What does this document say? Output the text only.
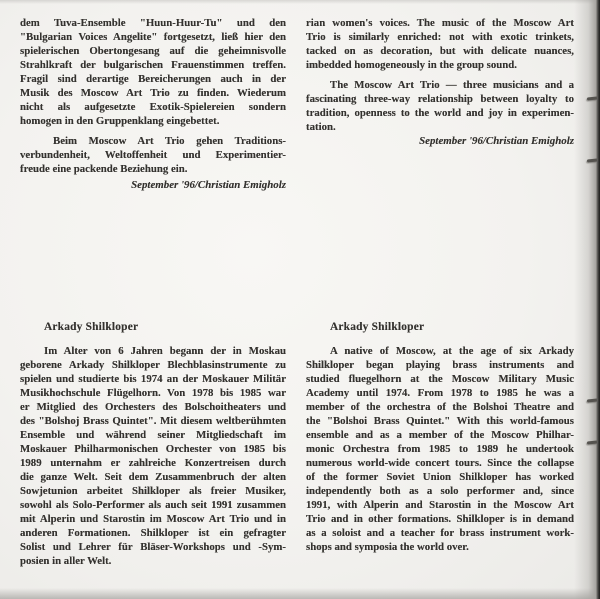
dem Tuva-Ensemble "Huun-Huur-Tu" und den
"Bulgarian Voices Angelite" fortgesetzt, ließ hier den
spielerischen Obertongesang auf die geheimnisvolle
Strahlkraft der bulgarischen Frauenstimmen treffen.
Fragil sind derartige Bereicherungen auch in der
Musik des Moscow Art Trio zu finden. Wiederum
nicht als aufgesetzte Exotik-Spielereien sondern
homogen in den Gruppenklang eingebettet.
Beim Moscow Art Trio gehen Traditions-
verbundenheit, Weltoffenheit und Experimentier-
freude eine packende Beziehung ein.
September '96/Christian Emigholz
Arkady Shilkloper
Im Alter von 6 Jahren begann der in Moskau
geborene Arkady Shilkloper Blechblasinstrumente zu
spielen und studierte bis 1974 an der Moskauer Militär
Musikhochschule Flügelhorn. Von 1978 bis 1985 war
er Mitglied des Orchesters des Bolschoitheaters und
des "Bolshoj Brass Quintet". Mit diesem weltberühmten
Ensemble und während seiner Mitgliedschaft im
Moskauer Philharmonischen Orchester von 1985 bis
1989 unternahm er zahlreiche Konzertreisen durch
die ganze Welt. Seit dem Zusammenbruch der alten
Sowjetunion arbeitet Shilkloper als freier Musiker,
sowohl als Solo-Performer als auch seit 1991 zusammen
mit Alperin und Starostin im Moscow Art Trio und in
anderen Formationen. Shilkloper ist ein gefragter
Solist und Lehrer für Bläser-Workshops und -Sym-
posien in aller Welt.
rian women's voices. The music of the Moscow Art
Trio is similarly enriched: not with exotic trinkets,
tacked on as decoration, but with delicate nuances,
imbedded homogeneously in the group sound.
The Moscow Art Trio — three musicians and a
fascinating three-way relationship between loyalty to
tradition, openness to the world and joy in experimen-
tation.
September '96/Christian Emigholz
Arkady Shilkloper
A native of Moscow, at the age of six Arkady
Shilkloper began playing brass instruments and
studied fluegelhorn at the Moscow Military Music
Academy until 1974. From 1978 to 1985 he was a
member of the orchestra of the Bolshoi Theatre and
the "Bolshoi Brass Quintet." With this world-famous
ensemble and as a member of the Moscow Philhar-
monic Orchestra from 1985 to 1989 he undertook
numerous world-wide concert tours. Since the collapse
of the former Soviet Union Shilkloper has worked
independently both as a solo performer and, since
1991, with Alperin and Starostin in the Moscow Art
Trio and in other formations. Shilkloper is in demand
as a soloist and a teacher for brass instrument work-
shops and symposia the world over.
